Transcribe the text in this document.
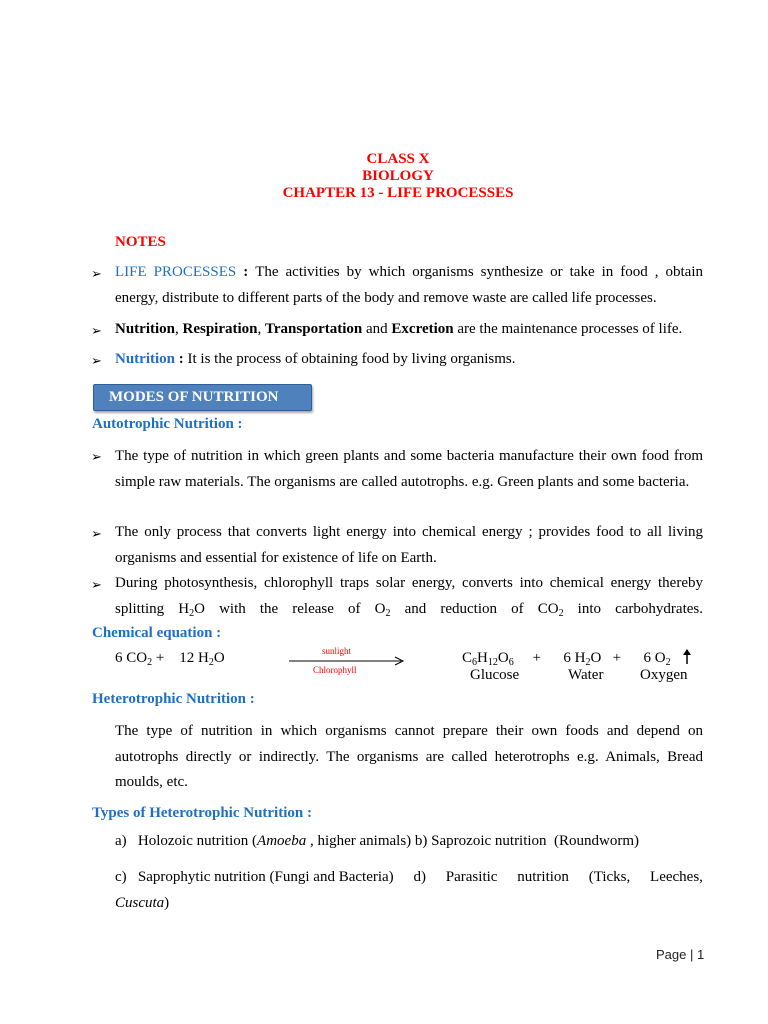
CLASS X
BIOLOGY
CHAPTER 13 - LIFE PROCESSES
NOTES
➢ LIFE PROCESSES : The activities by which organisms synthesize or take in food , obtain energy, distribute to different parts of the body and remove waste are called life processes.
➢ Nutrition, Respiration, Transportation and Excretion are the maintenance processes of life.
➢ Nutrition : It is the process of obtaining food by living organisms.
MODES OF NUTRITION
Autotrophic Nutrition :
➢ The type of nutrition in which green plants and some bacteria manufacture their own food from simple raw materials. The organisms are called autotrophs. e.g. Green plants and some bacteria.
➢ The only process that converts light energy into chemical energy ; provides food to all living organisms and essential for existence of life on Earth.
➢ During photosynthesis, chlorophyll traps solar energy, converts into chemical energy thereby splitting $H_2O$ with the release of $O_2$ and reduction of $CO_2$ into carbohydrates.
Chemical equation :
6 $CO_2$ +    12 $H_2O$	sunlight
Chlorophyll
$C_6H_{12}O_6$     +      6 $H_2O$   +      6 $O_2$
Glucose	Water Oxygen
Heterotrophic Nutrition :
The type of nutrition in which organisms cannot prepare their own foods and depend on autotrophs directly or indirectly. The organisms are called heterotrophs e.g. Animals, Bread moulds, etc.
Types of Heterotrophic Nutrition :
a)   Holozoic nutrition (Amoeba , higher animals) b) Saprozoic nutrition  (Roundworm)
c)   Saprophytic nutrition (Fungi and Bacteria) d) Parasitic nutrition (Ticks, Leeches,
Cuscuta)
Page | 1
